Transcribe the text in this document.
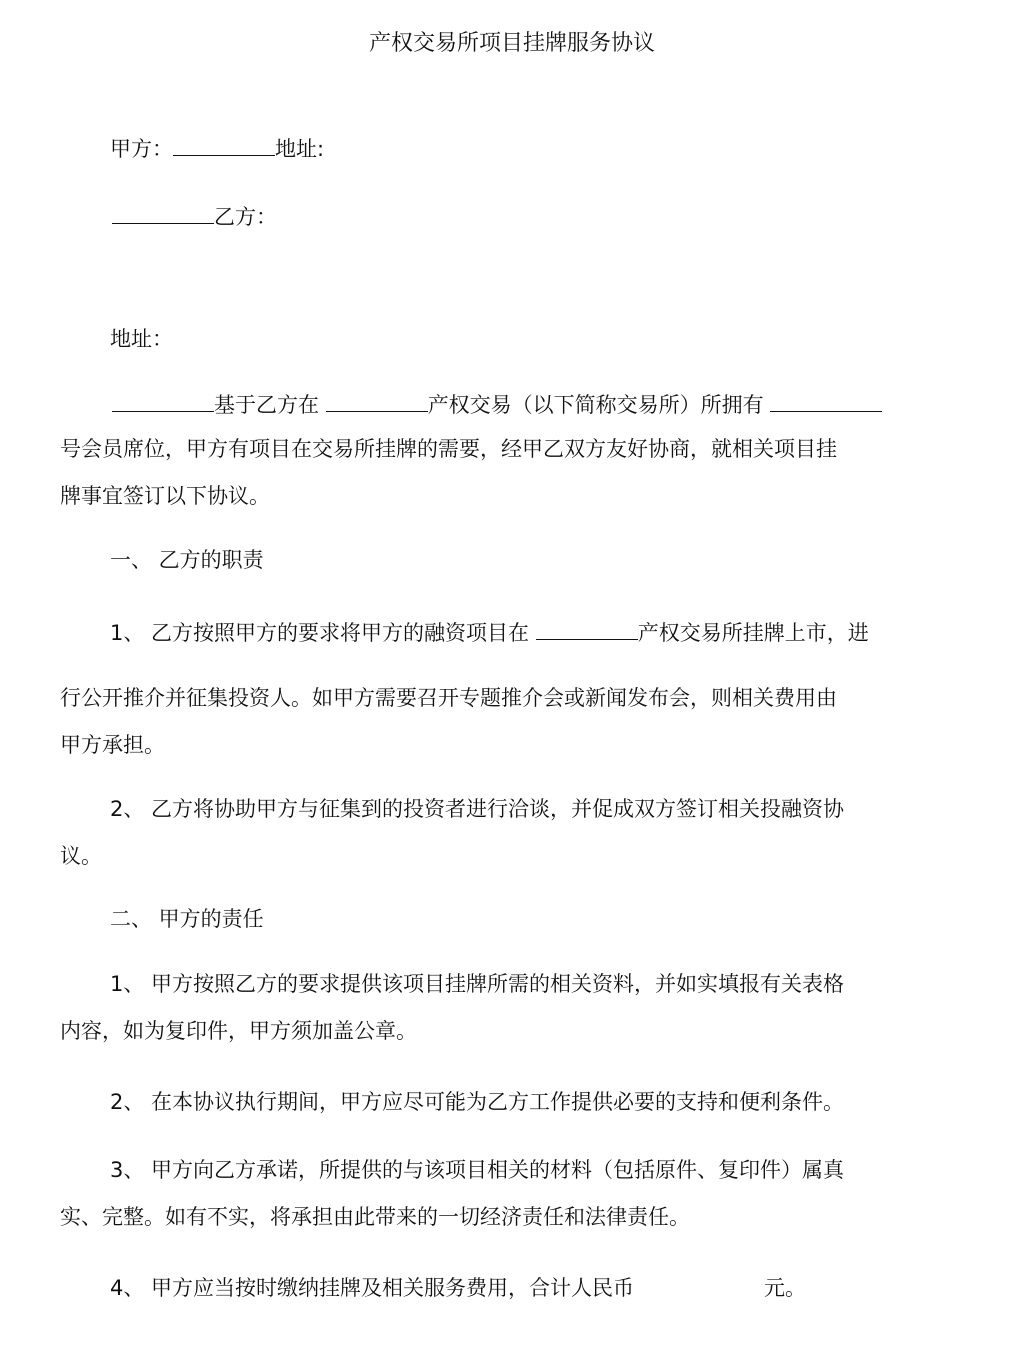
产权交易所项目挂牌服务协议
甲方：	地址:
乙方：
地址：
基于乙方在	产权交易（以下简称交易所）所拥有
号会员席位，甲方有项目在交易所挂牌的需要，经甲乙双方友好协商，就相关项目挂
牌事宜签订以下协议。
一、 乙方的职责
1、 乙方按照甲方的要求将甲方的融资项目在	产权交易所挂牌上市，进
行公开推介并征集投资人。如甲方需要召开专题推介会或新闻发布会，则相关费用由
甲方承担。
2、 乙方将协助甲方与征集到的投资者进行洽谈，并促成双方签订相关投融资协
议。
二、 甲方的责任
1、 甲方按照乙方的要求提供该项目挂牌所需的相关资料，并如实填报有关表格
内容，如为复印件，甲方须加盖公章。
2、 在本协议执行期间，甲方应尽可能为乙方工作提供必要的支持和便利条件。
3、 甲方向乙方承诺，所提供的与该项目相关的材料（包括原件、复印件）属真
实、完整。如有不实，将承担由此带来的一切经济责任和法律责任。
4、 甲方应当按时缴纳挂牌及相关服务费用，合计人民币	元。
